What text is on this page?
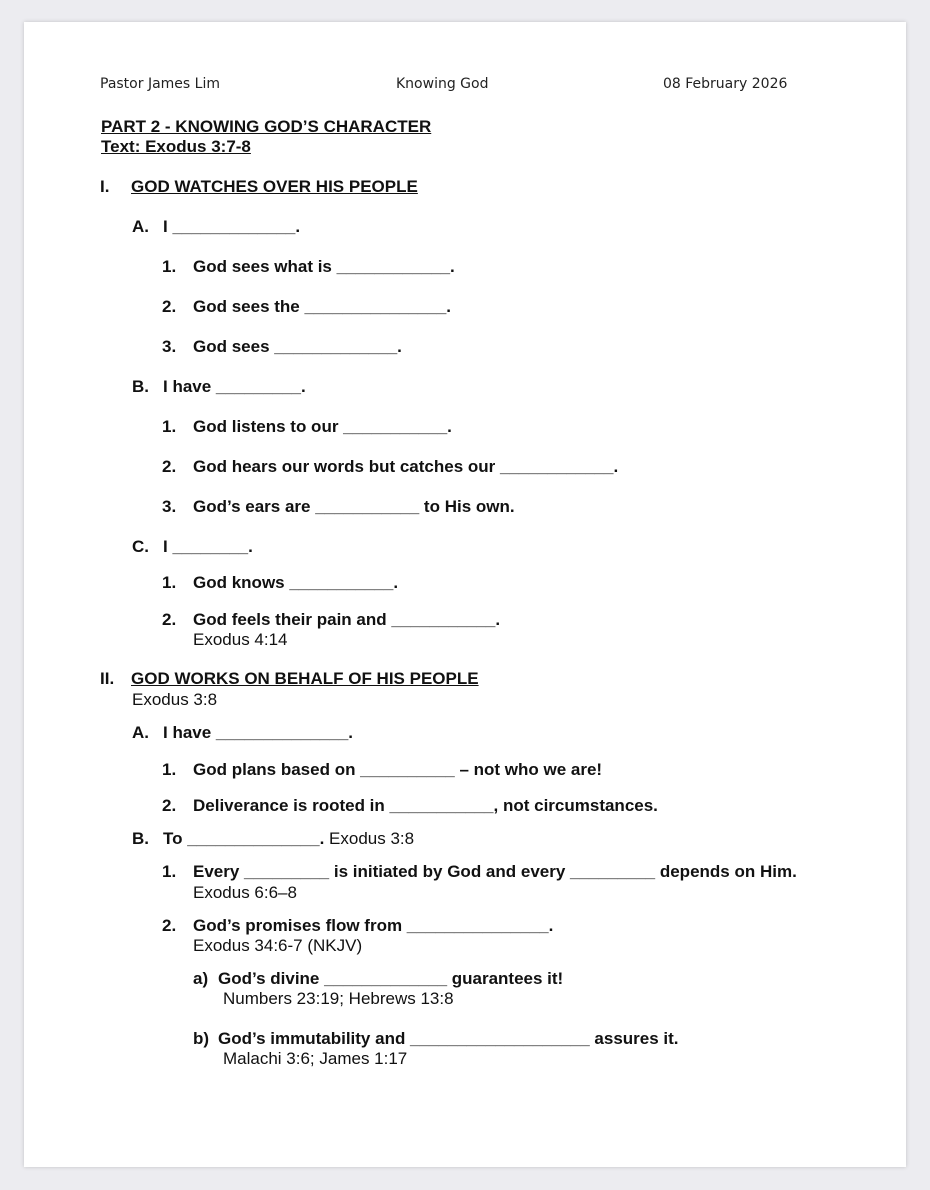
Pastor James Lim	Knowing God	08 February 2026
PART 2 - KNOWING GOD’S CHARACTER
Text: Exodus 3:7-8
I. GOD WATCHES OVER HIS PEOPLE
A. I _____________.
1. God sees what is ____________.
2. God sees the _______________.
3. God sees _____________.
B. I have _________.
1. God listens to our ___________.
2. God hears our words but catches our ____________.
3. God’s ears are ___________ to His own.
C. I ________.
1. God knows ___________.
2. God feels their pain and ___________.
Exodus 4:14
II. GOD WORKS ON BEHALF OF HIS PEOPLE
Exodus 3:8
A. I have ______________.
1. God plans based on __________ – not who we are!
2. Deliverance is rooted in ___________, not circumstances.
B. To ______________. Exodus 3:8
1. Every _________ is initiated by God and every _________ depends on Him.
Exodus 6:6–8
2. God’s promises flow from _______________.
Exodus 34:6-7 (NKJV)
a) God’s divine _____________ guarantees it!
Numbers 23:19; Hebrews 13:8
b) God’s immutability and ___________________ assures it.
Malachi 3:6; James 1:17
